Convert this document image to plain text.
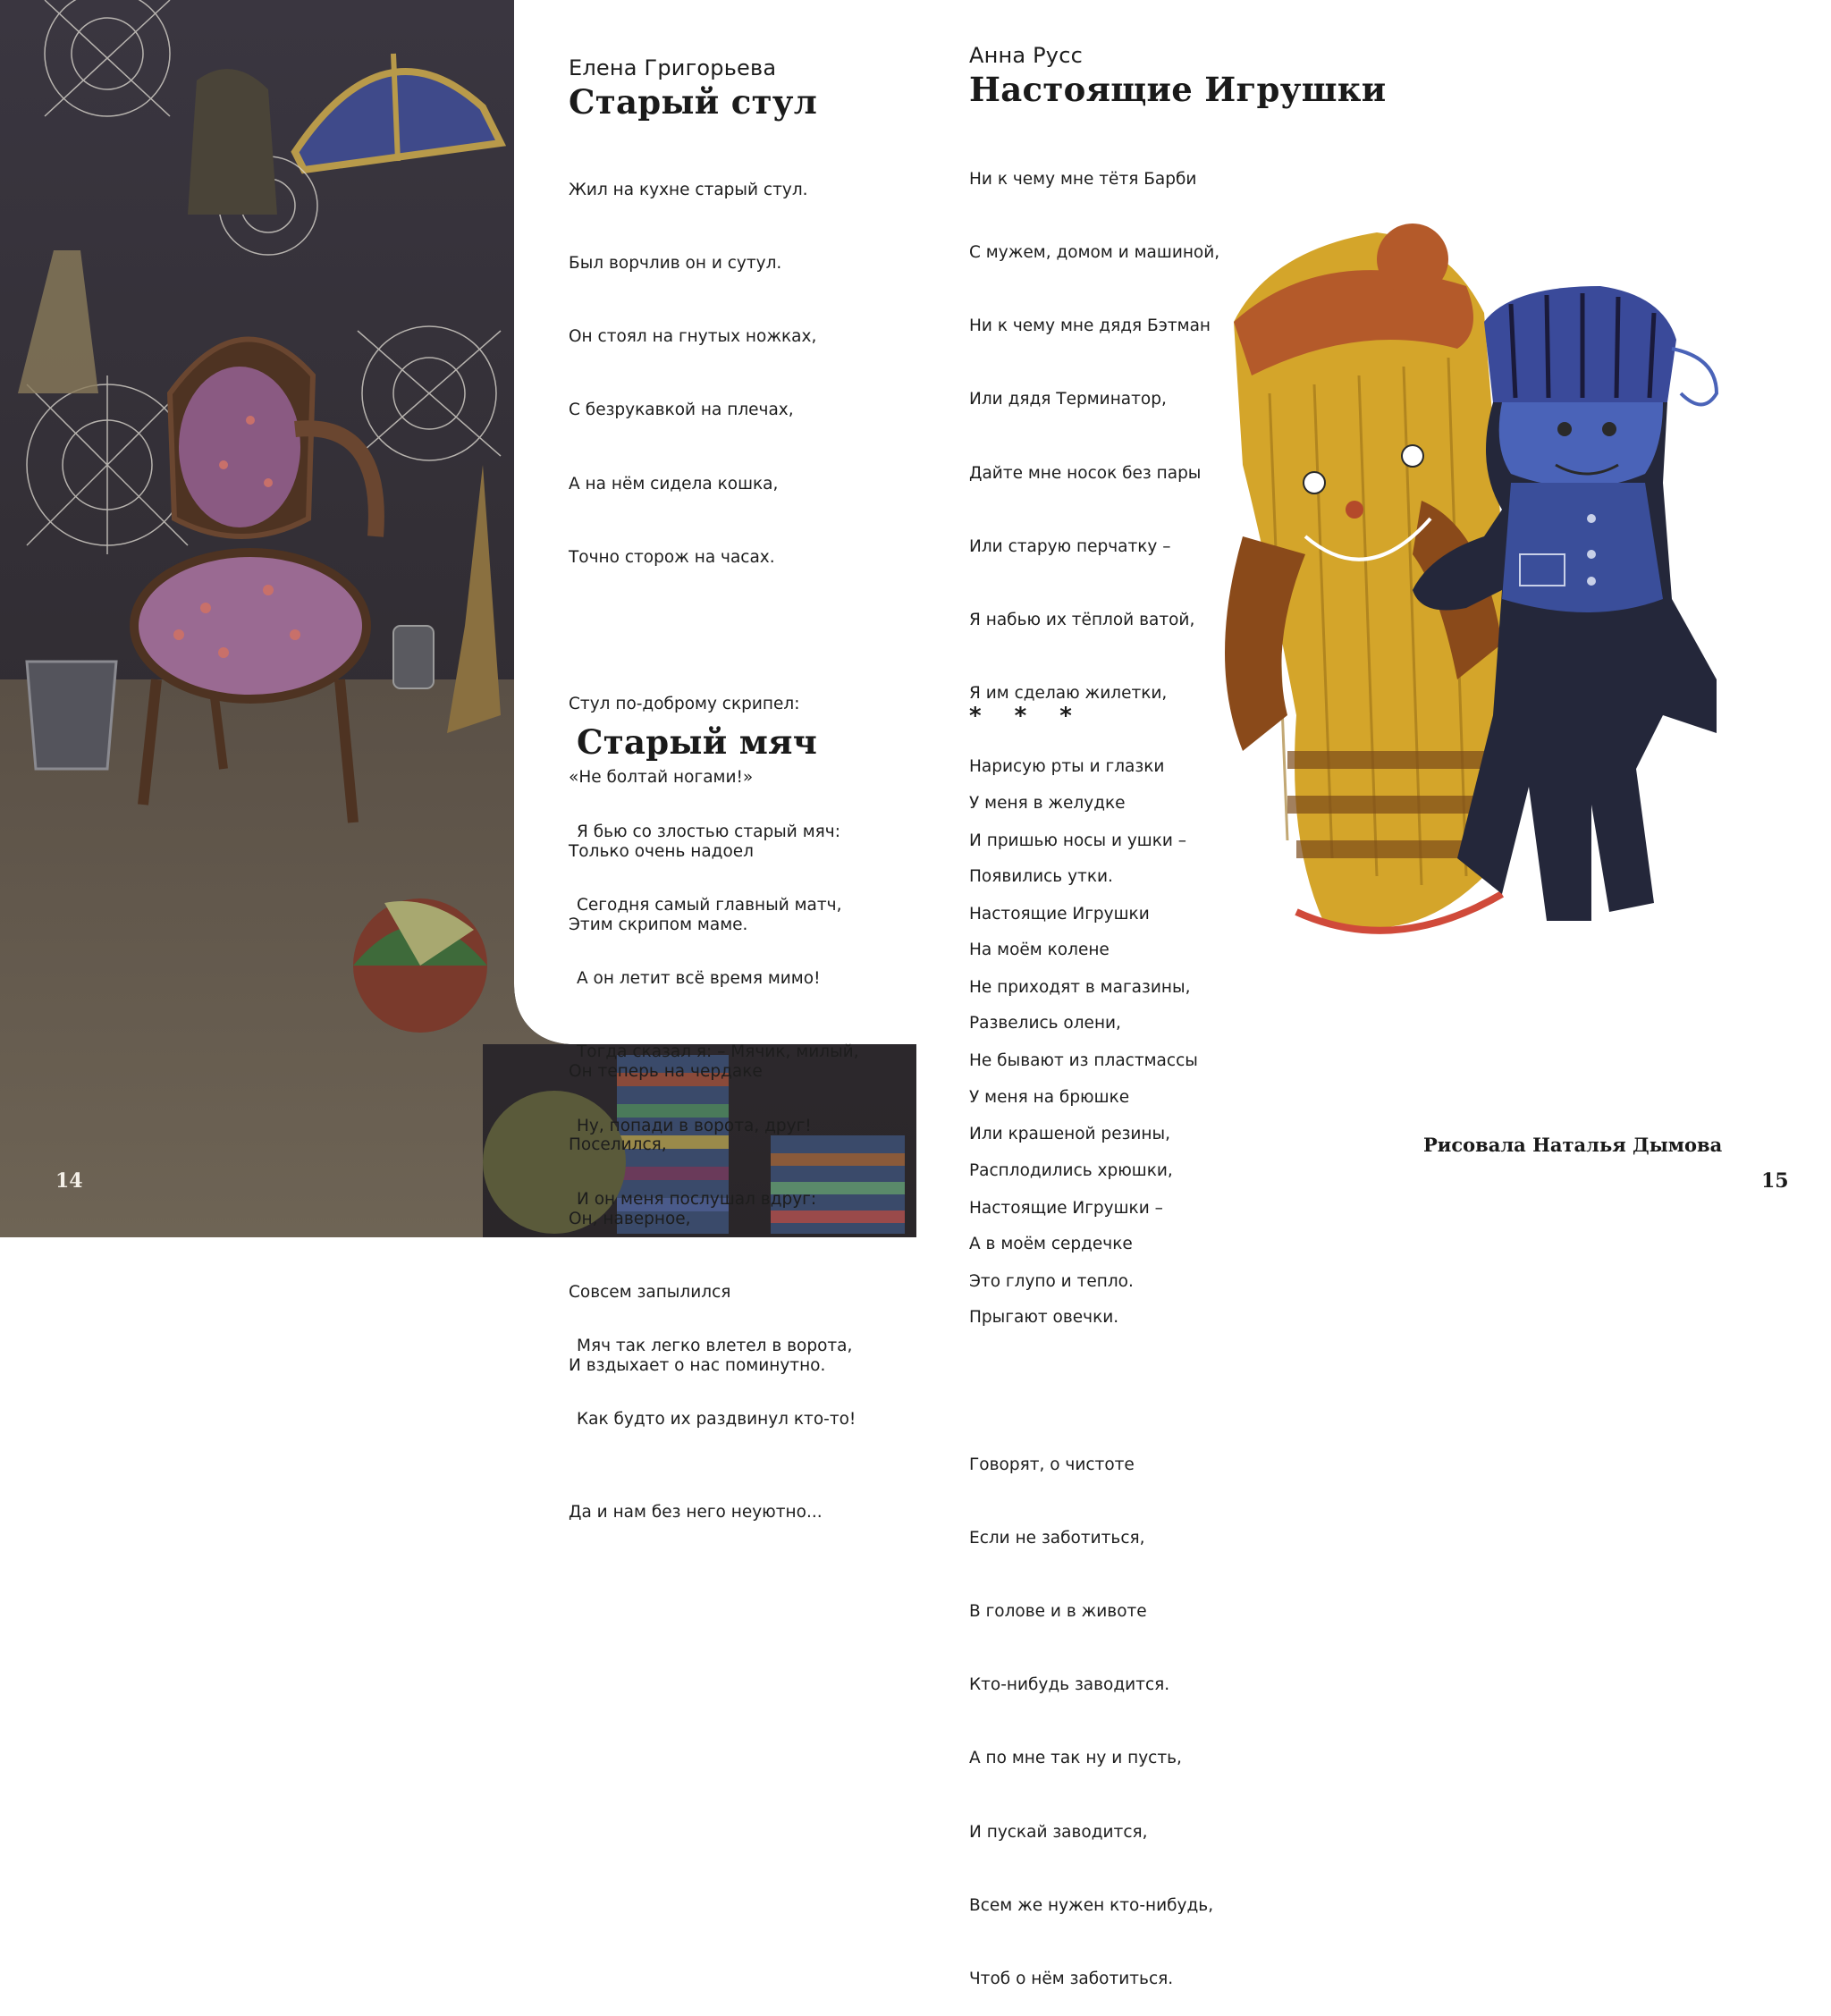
Елена Григорьева
Старый стул

Жил на кухне старый стул.

Был ворчлив он и сутул.

Он стоял на гнутых ножках,

С безрукавкой на плечах,

А на нём сидела кошка,

Точно сторож на часах.

Стул по-доброму скрипел:

«Не болтай ногами!»

Только очень надоел

Этим скрипом маме.

Он теперь на чердаке

Поселился,

Он, наверное,

Совсем запылился

И вздыхает о нас поминутно.

Да и нам без него неуютно...

Старый мяч

Я бью со злостью старый мяч:

Сегодня самый главный матч,

А он летит всё время мимо!

Тогда сказал я: – Мячик, милый,

Ну, попади в ворота, друг!

И он меня послушал вдруг:

Мяч так легко влетел в ворота,

Как будто их раздвинул кто-то!

Анна Русс
Настоящие Игрушки

Ни к чему мне тётя Барби

С мужем, домом и машиной,

Ни к чему мне дядя Бэтман

Или дядя Терминатор,

Дайте мне носок без пары

Или старую перчатку –

Я набью их тёплой ватой,

Я им сделаю жилетки,

Нарисую рты и глазки

И пришью носы и ушки –

Настоящие Игрушки

Не приходят в магазины,

Не бывают из пластмассы

Или крашеной резины,

Настоящие Игрушки –

Это глупо и тепло.

* * *

У меня в желудке

Появились утки.

На моём колене

Развелись олени,

У меня на брюшке

Расплодились хрюшки,

А в моём сердечке

Прыгают овечки.

Говорят, о чистоте

Если не заботиться,

В голове и в животе

Кто-нибудь заводится.

А по мне так ну и пусть,

И пускай заводится,

Всем же нужен кто-нибудь,

Чтоб о нём заботиться.

Рисовала Наталья Дымова
14	15
